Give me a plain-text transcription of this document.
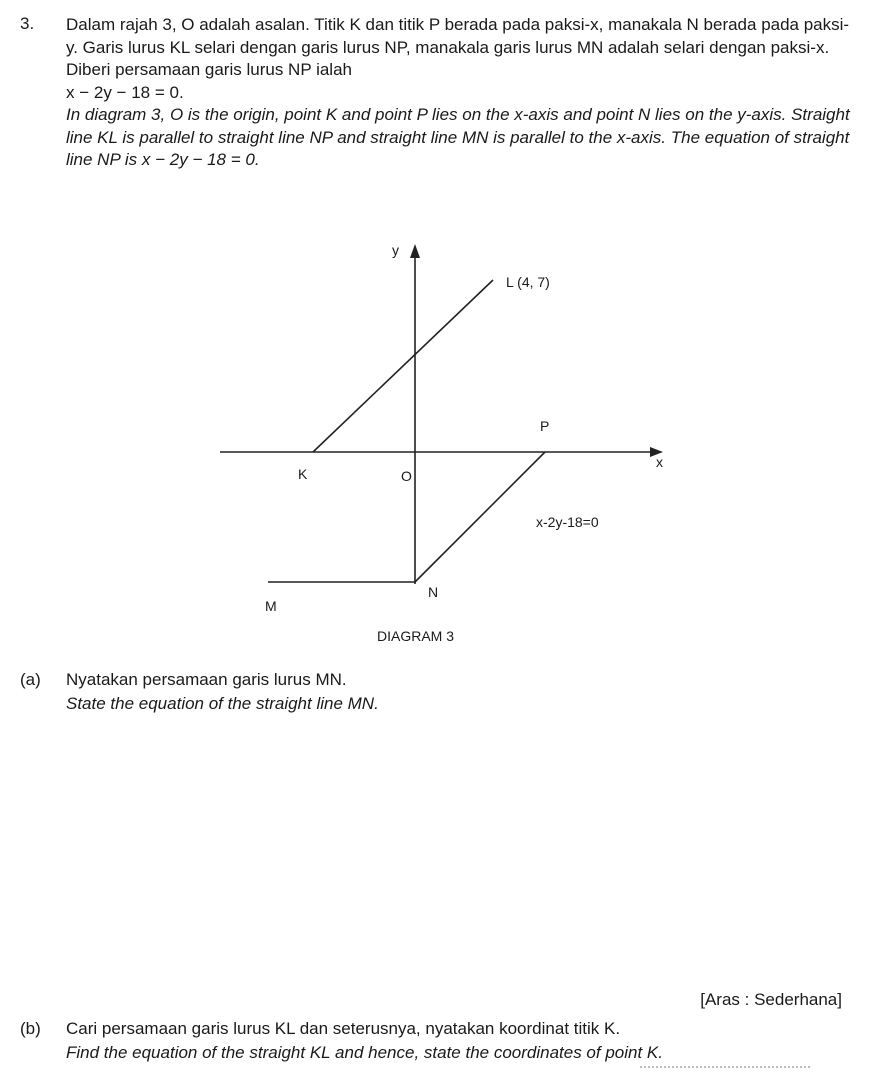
3. Dalam rajah 3, O adalah asalan. Titik K dan titik P berada pada paksi-x, manakala N berada pada paksi-y. Garis lurus KL selari dengan garis lurus NP, manakala garis lurus MN adalah selari dengan paksi-x. Diberi persamaan garis lurus NP ialah

x − 2y − 18 = 0.

In diagram 3, O is the origin, point K and point P lies on the x-axis and point N lies on the y-axis. Straight line KL is parallel to straight line NP and straight line MN is parallel to the x-axis. The equation of straight line NP is x − 2y − 18 = 0.

y
x
L (4, 7)
P
K	O
x-2y-18=0
N
M
DIAGRAM 3
(a) Nyatakan persamaan garis lurus MN.
State the equation of the straight line MN.
[Aras : Sederhana]
(b) Cari persamaan garis lurus KL dan seterusnya, nyatakan koordinat titik K.
Find the equation of the straight KL and hence, state the coordinates of point K.
